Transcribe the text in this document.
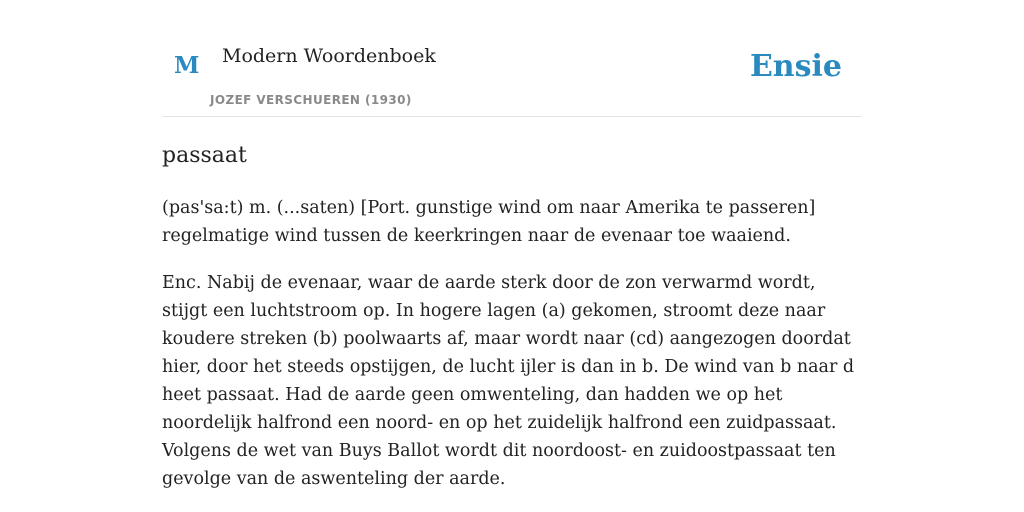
M Modern Woordenboek
JOZEF VERSCHUEREN (1930)
Ensie
passaat

(pas'sa:t) m. (...saten) [Port. gunstige wind om naar Amerika te passeren] regelmatige wind tussen de keerkringen naar de evenaar toe waaiend.

Enc. Nabij de evenaar, waar de aarde sterk door de zon verwarmd wordt, stijgt een luchtstroom op. In hogere lagen (a) gekomen, stroomt deze naar koudere streken (b) poolwaarts af, maar wordt naar (cd) aangezogen doordat hier, door het steeds opstijgen, de lucht ijler is dan in b. De wind van b naar d heet passaat. Had de aarde geen omwenteling, dan hadden we op het noordelijk halfrond een noord- en op het zuidelijk halfrond een zuidpassaat. Volgens de wet van Buys Ballot wordt dit noordoost- en zuidoostpassaat ten gevolge van de aswenteling der aarde.
